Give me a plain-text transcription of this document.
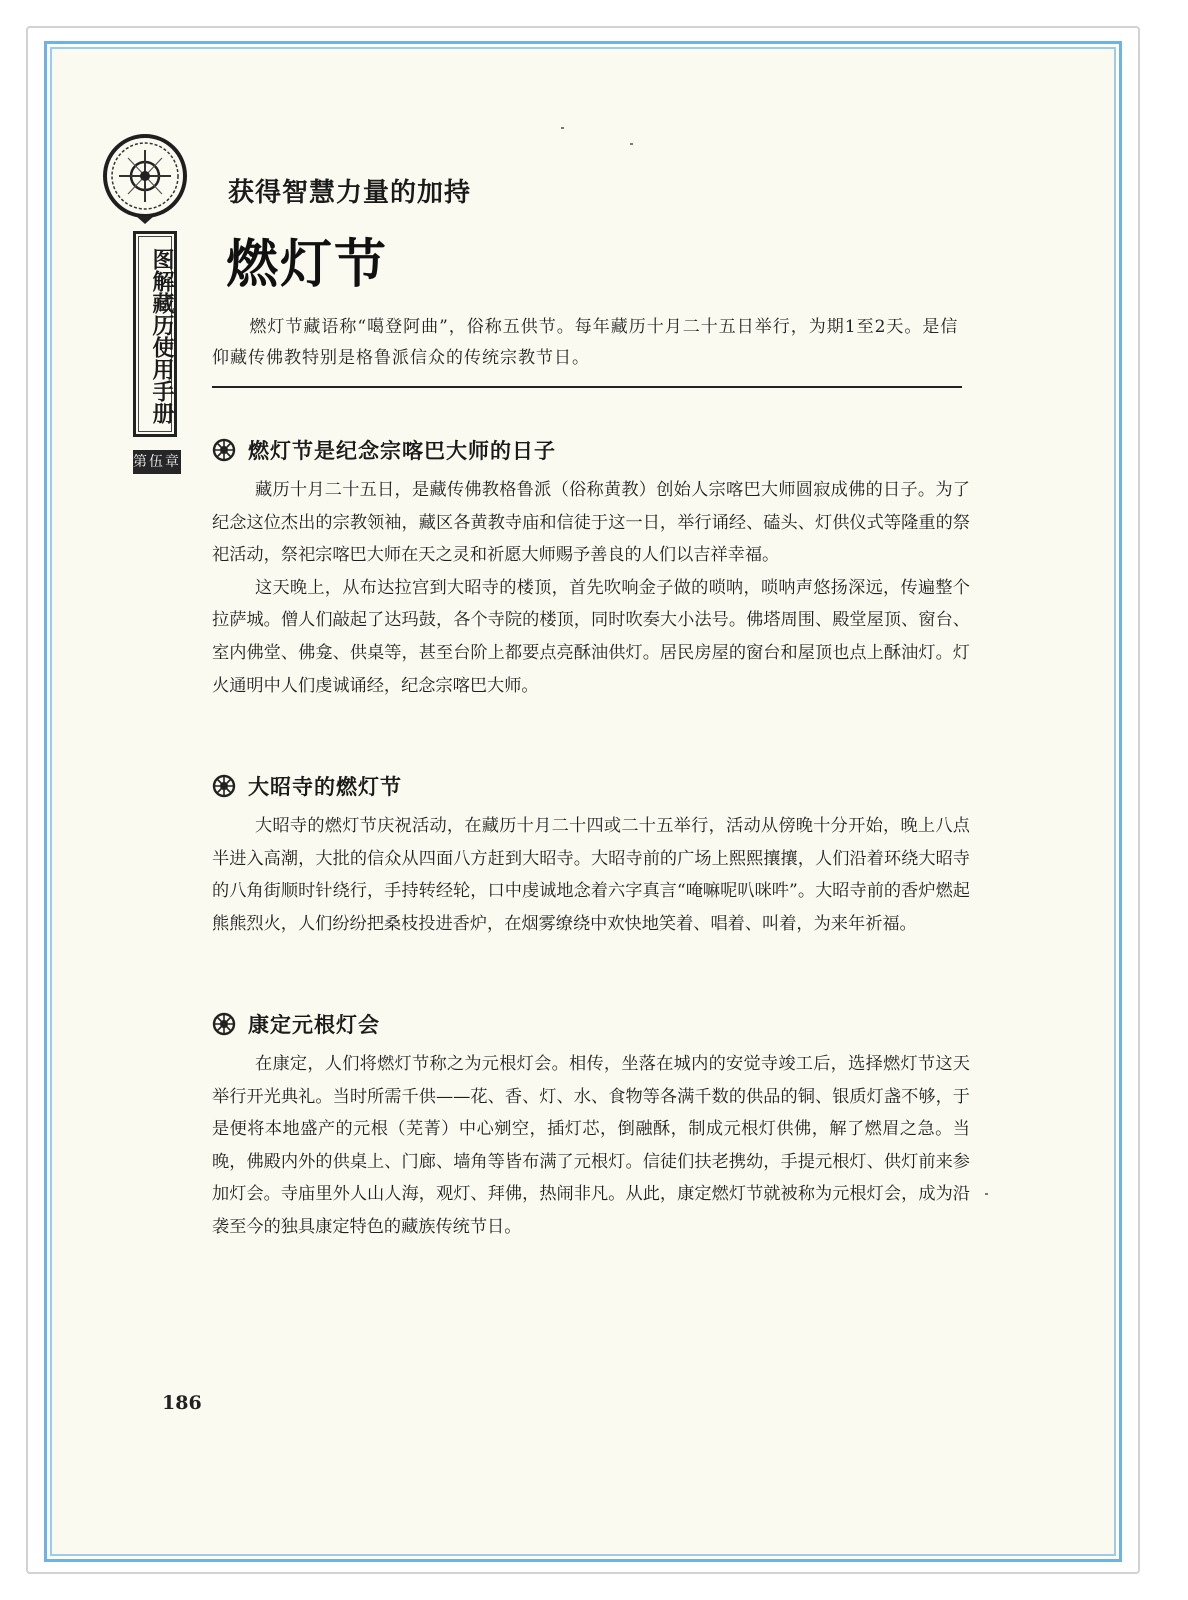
图解藏历使用手册
第伍章
获得智慧力量的加持
燃灯节

燃灯节藏语称“噶登阿曲”，俗称五供节。每年藏历十月二十五日举行，为期1至2天。是信仰藏传佛教特别是格鲁派信众的传统宗教节日。

燃灯节是纪念宗喀巴大师的日子

藏历十月二十五日，是藏传佛教格鲁派（俗称黄教）创始人宗喀巴大师圆寂成佛的日子。为了纪念这位杰出的宗教领袖，藏区各黄教寺庙和信徒于这一日，举行诵经、磕头、灯供仪式等隆重的祭祀活动，祭祀宗喀巴大师在天之灵和祈愿大师赐予善良的人们以吉祥幸福。

这天晚上，从布达拉宫到大昭寺的楼顶，首先吹响金子做的唢呐，唢呐声悠扬深远，传遍整个拉萨城。僧人们敲起了达玛鼓，各个寺院的楼顶，同时吹奏大小法号。佛塔周围、殿堂屋顶、窗台、室内佛堂、佛龛、供桌等，甚至台阶上都要点亮酥油供灯。居民房屋的窗台和屋顶也点上酥油灯。灯火通明中人们虔诚诵经，纪念宗喀巴大师。

大昭寺的燃灯节

大昭寺的燃灯节庆祝活动，在藏历十月二十四或二十五举行，活动从傍晚十分开始，晚上八点半进入高潮，大批的信众从四面八方赶到大昭寺。大昭寺前的广场上熙熙攘攘，人们沿着环绕大昭寺的八角街顺时针绕行，手持转经轮，口中虔诚地念着六字真言“唵嘛呢叭咪吽”。大昭寺前的香炉燃起熊熊烈火，人们纷纷把桑枝投进香炉，在烟雾缭绕中欢快地笑着、唱着、叫着，为来年祈福。

康定元根灯会

在康定，人们将燃灯节称之为元根灯会。相传，坐落在城内的安觉寺竣工后，选择燃灯节这天举行开光典礼。当时所需千供——花、香、灯、水、食物等各满千数的供品的铜、银质灯盏不够，于是便将本地盛产的元根（芜菁）中心剜空，插灯芯，倒融酥，制成元根灯供佛，解了燃眉之急。当晚，佛殿内外的供桌上、门廊、墙角等皆布满了元根灯。信徒们扶老携幼，手提元根灯、供灯前来参加灯会。寺庙里外人山人海，观灯、拜佛，热闹非凡。从此，康定燃灯节就被称为元根灯会，成为沿袭至今的独具康定特色的藏族传统节日。

186
